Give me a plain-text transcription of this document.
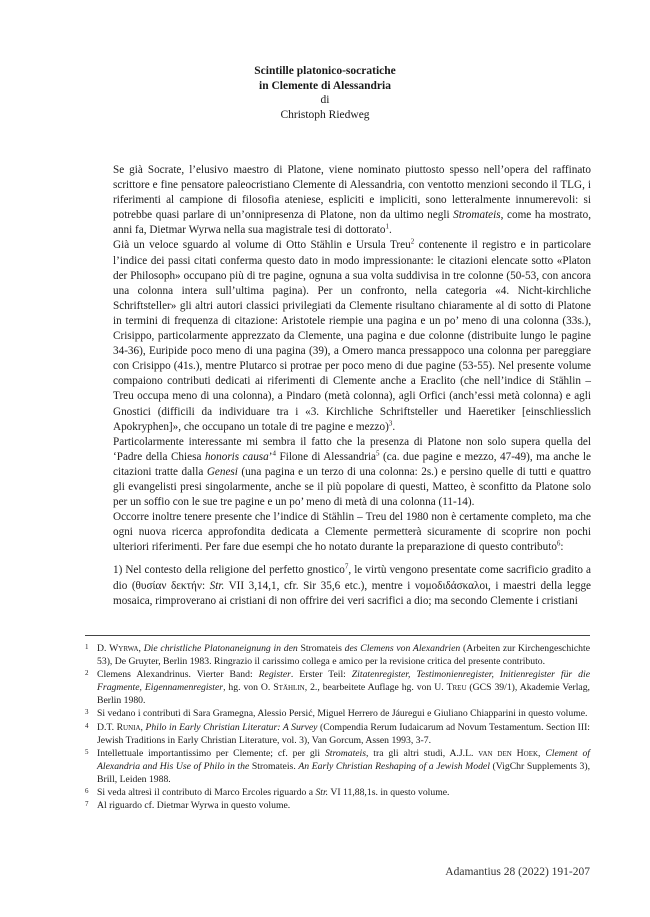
Scintille platonico-socratiche
in Clemente di Alessandria
di
Christoph Riedweg

Se già Socrate, l’elusivo maestro di Platone, viene nominato piuttosto spesso nell’opera del raffinato scrittore e fine pensatore paleocristiano Clemente di Alessandria, con ventotto menzioni secondo il TLG, i riferimenti al campione di filosofia ateniese, espliciti e impliciti, sono letteralmente innumerevoli: si potrebbe quasi parlare di un’onnipresenza di Platone, non da ultimo negli Stromateis, come ha mostrato, anni fa, Dietmar Wyrwa nella sua magistrale tesi di dottorato$^1$.

Già un veloce sguardo al volume di Otto Stählin e Ursula Treu$^2$ contenente il registro e in particolare l’indice dei passi citati conferma questo dato in modo impressionante: le citazioni elencate sotto «Platon der Philosoph» occupano più di tre pagine, ognuna a sua volta suddivisa in tre colonne (50-53, con ancora una colonna intera sull’ultima pagina). Per un confronto, nella categoria «4. Nicht-kirchliche Schriftsteller» gli altri autori classici privilegiati da Clemente risultano chiaramente al di sotto di Platone in termini di frequenza di citazione: Aristotele riempie una pagina e un po’ meno di una colonna (33s.), Crisippo, particolarmente apprezzato da Clemente, una pagina e due colonne (distribuite lungo le pagine 34-36), Euripide poco meno di una pagina (39), a Omero manca pressappoco una colonna per pareggiare con Crisippo (41s.), mentre Plutarco si protrae per poco meno di due pagine (53-55). Nel presente volume compaiono contributi dedicati ai riferimenti di Clemente anche a Eraclito (che nell’indice di Stählin – Treu occupa meno di una colonna), a Pindaro (metà colonna), agli Orfici (anch’essi metà colonna) e agli Gnostici (difficili da individuare tra i «3. Kirchliche Schriftsteller und Haeretiker [einschliesslich Apokryphen]», che occupano un totale di tre pagine e mezzo)$^3$.

Particolarmente interessante mi sembra il fatto che la presenza di Platone non solo supera quella del ‘Padre della Chiesa honoris causa’$^4$ Filone di Alessandria$^5$ (ca. due pagine e mezzo, 47-49), ma anche le citazioni tratte dalla Genesi (una pagina e un terzo di una colonna: 2s.) e persino quelle di tutti e quattro gli evangelisti presi singolarmente, anche se il più popolare di questi, Matteo, è sconfitto da Platone solo per un soffio con le sue tre pagine e un po’ meno di metà di una colonna (11-14).

Occorre inoltre tenere presente che l’indice di Stählin – Treu del 1980 non è certamente completo, ma che ogni nuova ricerca approfondita dedicata a Clemente permetterà sicuramente di scoprire non pochi ulteriori riferimenti. Per fare due esempi che ho notato durante la preparazione di questo contributo$^6$:

1) Nel contesto della religione del perfetto gnostico$^7$, le virtù vengono presentate come sacrificio gradito a dio (θυσίαν δεκτήν: Str. VII 3,14,1, cfr. Sir 35,6 etc.), mentre i νομοδιδάσκαλοι, i maestri della legge mosaica, rimproverano ai cristiani di non offrire dei veri sacrifici a dio; ma secondo Clemente i cristiani

1 D. Wyrwa, Die christliche Platonaneignung in den Stromateis des Clemens von Alexandrien (Arbeiten zur Kirchengeschichte 53), De Gruyter, Berlin 1983. Ringrazio il carissimo collega e amico per la revisione critica del presente contributo.
2 Clemens Alexandrinus. Vierter Band: Register. Erster Teil: Zitatenregister, Testimonienregister, Initienregister für die Fragmente, Eigennamenregister, hg. von O. Stählin, 2., bearbeitete Auflage hg. von U. Treu (GCS 39/1), Akademie Verlag, Berlin 1980.
3 Si vedano i contributi di Sara Gramegna, Alessio Persić, Miguel Herrero de Jáuregui e Giuliano Chiapparini in questo volume.
4 D.T. Runia, Philo in Early Christian Literatur: A Survey (Compendia Rerum Iudaicarum ad Novum Testamentum. Section III: Jewish Traditions in Early Christian Literature, vol. 3), Van Gorcum, Assen 1993, 3-7.
5 Intellettuale importantissimo per Clemente; cf. per gli Stromateis, tra gli altri studi, A.J.L. van den Hoek, Clement of Alexandria and His Use of Philo in the Stromateis. An Early Christian Reshaping of a Jewish Model (VigChr Supplements 3), Brill, Leiden 1988.
6 Si veda altresì il contributo di Marco Ercoles riguardo a Str. VI 11,88,1s. in questo volume.
7 Al riguardo cf. Dietmar Wyrwa in questo volume.
Adamantius 28 (2022) 191-207
